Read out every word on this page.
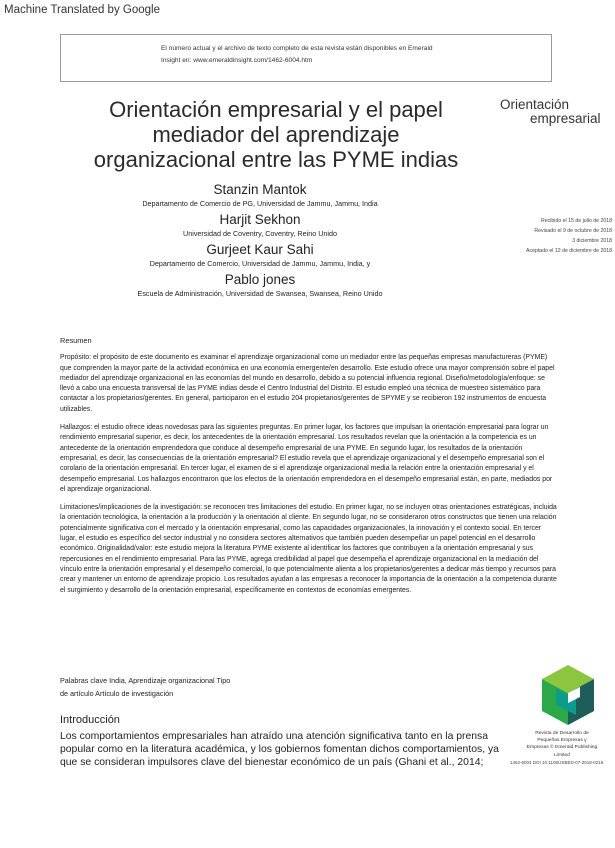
Machine Translated by Google
El número actual y el archivo de texto completo de esta revista están disponibles en Emerald
Insight en: www.emeraldinsight.com/1462-6004.htm
Orientación empresarial y el papel
mediador del aprendizaje
organizacional entre las PYME indias
Orientación
empresarial
Stanzin Mantok
Departamento de Comercio de PG, Universidad de Jammu, Jammu, India
Harjit Sekhon
Universidad de Coventry, Coventry, Reino Unido
Gurjeet Kaur Sahi
Departamento de Comercio, Universidad de Jammu, Jammu, India, y
Pablo jones
Escuela de Administración, Universidad de Swansea, Swansea, Reino Unido
Recibido el 15 de julio de 2018
Revisado el 9 de octubre de 2018
3 diciembre 2018
Aceptado el 12 de diciembre de 2018

Resumen

Propósito: el propósito de este documento es examinar el aprendizaje organizacional como un mediador entre las pequeñas empresas manufactureras (PYME) que comprenden la mayor parte de la actividad económica en una economía emergente/en desarrollo. Este estudio ofrece una mayor comprensión sobre el papel mediador del aprendizaje organizacional en las economías del mundo en desarrollo, debido a su potencial influencia regional. Diseño/metodología/enfoque: se llevó a cabo una encuesta transversal de las PYME indias desde el Centro Industrial del Distrito. El estudio empleó una técnica de muestreo sistemático para contactar a los propietarios/gerentes. En general, participaron en el estudio 204 propietarios/gerentes de SPYME y se recibieron 192 instrumentos de encuesta utilizables.

Hallazgos: el estudio ofrece ideas novedosas para las siguientes preguntas. En primer lugar, los factores que impulsan la orientación empresarial para lograr un rendimiento empresarial superior, es decir, los antecedentes de la orientación empresarial. Los resultados revelan que la orientación a la competencia es un antecedente de la orientación emprendedora que conduce al desempeño empresarial de una PYME. En segundo lugar, los resultados de la orientación empresarial, es decir, las consecuencias de la orientación empresarial? El estudio revela que el aprendizaje organizacional y el desempeño empresarial son el corolario de la orientación empresarial. En tercer lugar, el examen de si el aprendizaje organizacional media la relación entre la orientación empresarial y el desempeño empresarial. Los hallazgos encontraron que los efectos de la orientación emprendedora en el desempeño empresarial están, en parte, mediados por el aprendizaje organizacional.

Limitaciones/implicaciones de la investigación: se reconocen tres limitaciones del estudio. En primer lugar, no se incluyen otras orientaciones estratégicas, incluida la orientación tecnológica, la orientación a la producción y la orientación al cliente. En segundo lugar, no se consideraron otros constructos que tienen una relación potencialmente significativa con el mercado y la orientación empresarial, como las capacidades organizacionales, la innovación y el contexto social. En tercer lugar, el estudio es específico del sector industrial y no considera sectores alternativos que también pueden desempeñar un papel potencial en el desarrollo económico. Originalidad/valor: este estudio mejora la literatura PYME existente al identificar los factores que contribuyen a la orientación empresarial y sus repercusiones en el rendimiento empresarial. Para las PYME, agrega credibilidad al papel que desempeña el aprendizaje organizacional en la mediación del vínculo entre la orientación empresarial y el desempeño comercial, lo que potencialmente alienta a los propietarios/gerentes a dedicar más tiempo y recursos para crear y mantener un entorno de aprendizaje propicio. Los resultados ayudan a las empresas a reconocer la importancia de la orientación a la competencia durante el surgimiento y desarrollo de la orientación empresarial, específicamente en contextos de economías emergentes.

Palabras clave India, Aprendizaje organizacional Tipo
de artículo Artículo de investigación
Introducción
Los comportamientos empresariales han atraído una atención significativa tanto en la prensa popular como en la literatura académica, y los gobiernos fomentan dichos comportamientos, ya que se consideran impulsores clave del bienestar económico de un país (Ghani et al., 2014;
Revista de Desarrollo de
Pequeñas Empresas y
Empresas © Emerald Publishing
Limited
1462-6004 DOI 10.1108/JSBED-07-2018-0215
